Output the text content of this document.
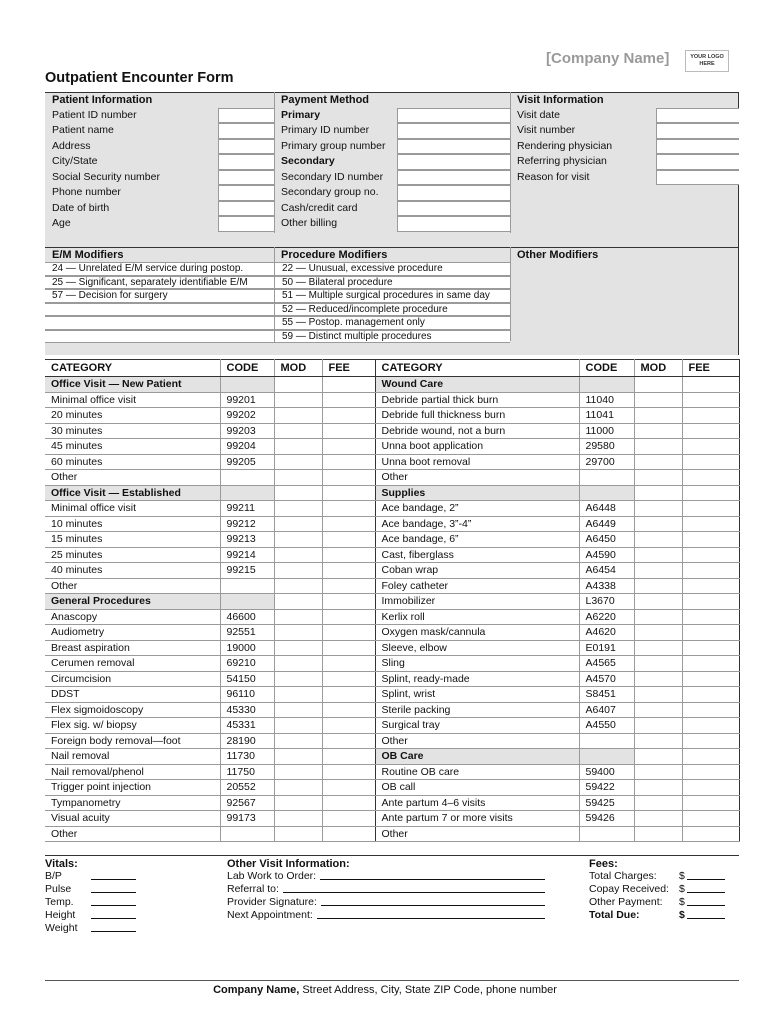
[Company Name]	YOUR LOGO HERE
Outpatient Encounter Form
Patient Information
Patient ID number
Patient name
Address
City/State
Social Security number
Phone number
Date of birth
Age
Payment Method
Primary
Primary ID number
Primary group number
Secondary
Secondary ID number
Secondary group no.
Cash/credit card
Other billing
Visit Information
Visit date
Visit number
Rendering physician
Referring physician
Reason for visit
E/M Modifiers
24 — Unrelated E/M service during postop.
25 — Significant, separately identifiable E/M
57 — Decision for surgery
Procedure Modifiers
22 — Unusual, excessive procedure
50 — Bilateral procedure
51 — Multiple surgical procedures in same day
52 — Reduced/incomplete procedure
55 — Postop. management only
59 — Distinct multiple procedures
Other Modifiers
CATEGORY	CODE	MOD	FEE	CATEGORY	CODE	MOD	FEE
Office Visit — New Patient				Wound Care			
Minimal office visit	99201			Debride partial thick burn	11040		
20 minutes	99202			Debride full thickness burn	11041		
30 minutes	99203			Debride wound, not a burn	11000		
45 minutes	99204			Unna boot application	29580		
60 minutes	99205			Unna boot removal	29700		
Other				Other			
Office Visit — Established				Supplies			
Minimal office visit	99211			Ace bandage, 2”	A6448		
10 minutes	99212			Ace bandage, 3”-4”	A6449		
15 minutes	99213			Ace bandage, 6”	A6450		
25 minutes	99214			Cast, fiberglass	A4590		
40 minutes	99215			Coban wrap	A6454		
Other				Foley catheter	A4338		
General Procedures				Immobilizer	L3670		
Anascopy	46600			Kerlix roll	A6220		
Audiometry	92551			Oxygen mask/cannula	A4620		
Breast aspiration	19000			Sleeve, elbow	E0191		
Cerumen removal	69210			Sling	A4565		
Circumcision	54150			Splint, ready-made	A4570		
DDST	96110			Splint, wrist	S8451		
Flex sigmoidoscopy	45330			Sterile packing	A6407		
Flex sig. w/ biopsy	45331			Surgical tray	A4550		
Foreign body removal—foot	28190			Other			
Nail removal	11730			OB Care			
Nail removal/phenol	11750			Routine OB care	59400		
Trigger point injection	20552			OB call	59422		
Tympanometry	92567			Ante partum 4–6 visits	59425		
Visual acuity	99173			Ante partum 7 or more visits	59426		
Other				Other			
Vitals:
B/P
Pulse
Temp.
Height
Weight
Other Visit Information:
Lab Work to Order:
Referral to:
Provider Signature:
Next Appointment:
Fees:
Total Charges: $
Copay Received: $
Other Payment: $
Total Due:	$
Company Name, Street Address, City, State ZIP Code, phone number
